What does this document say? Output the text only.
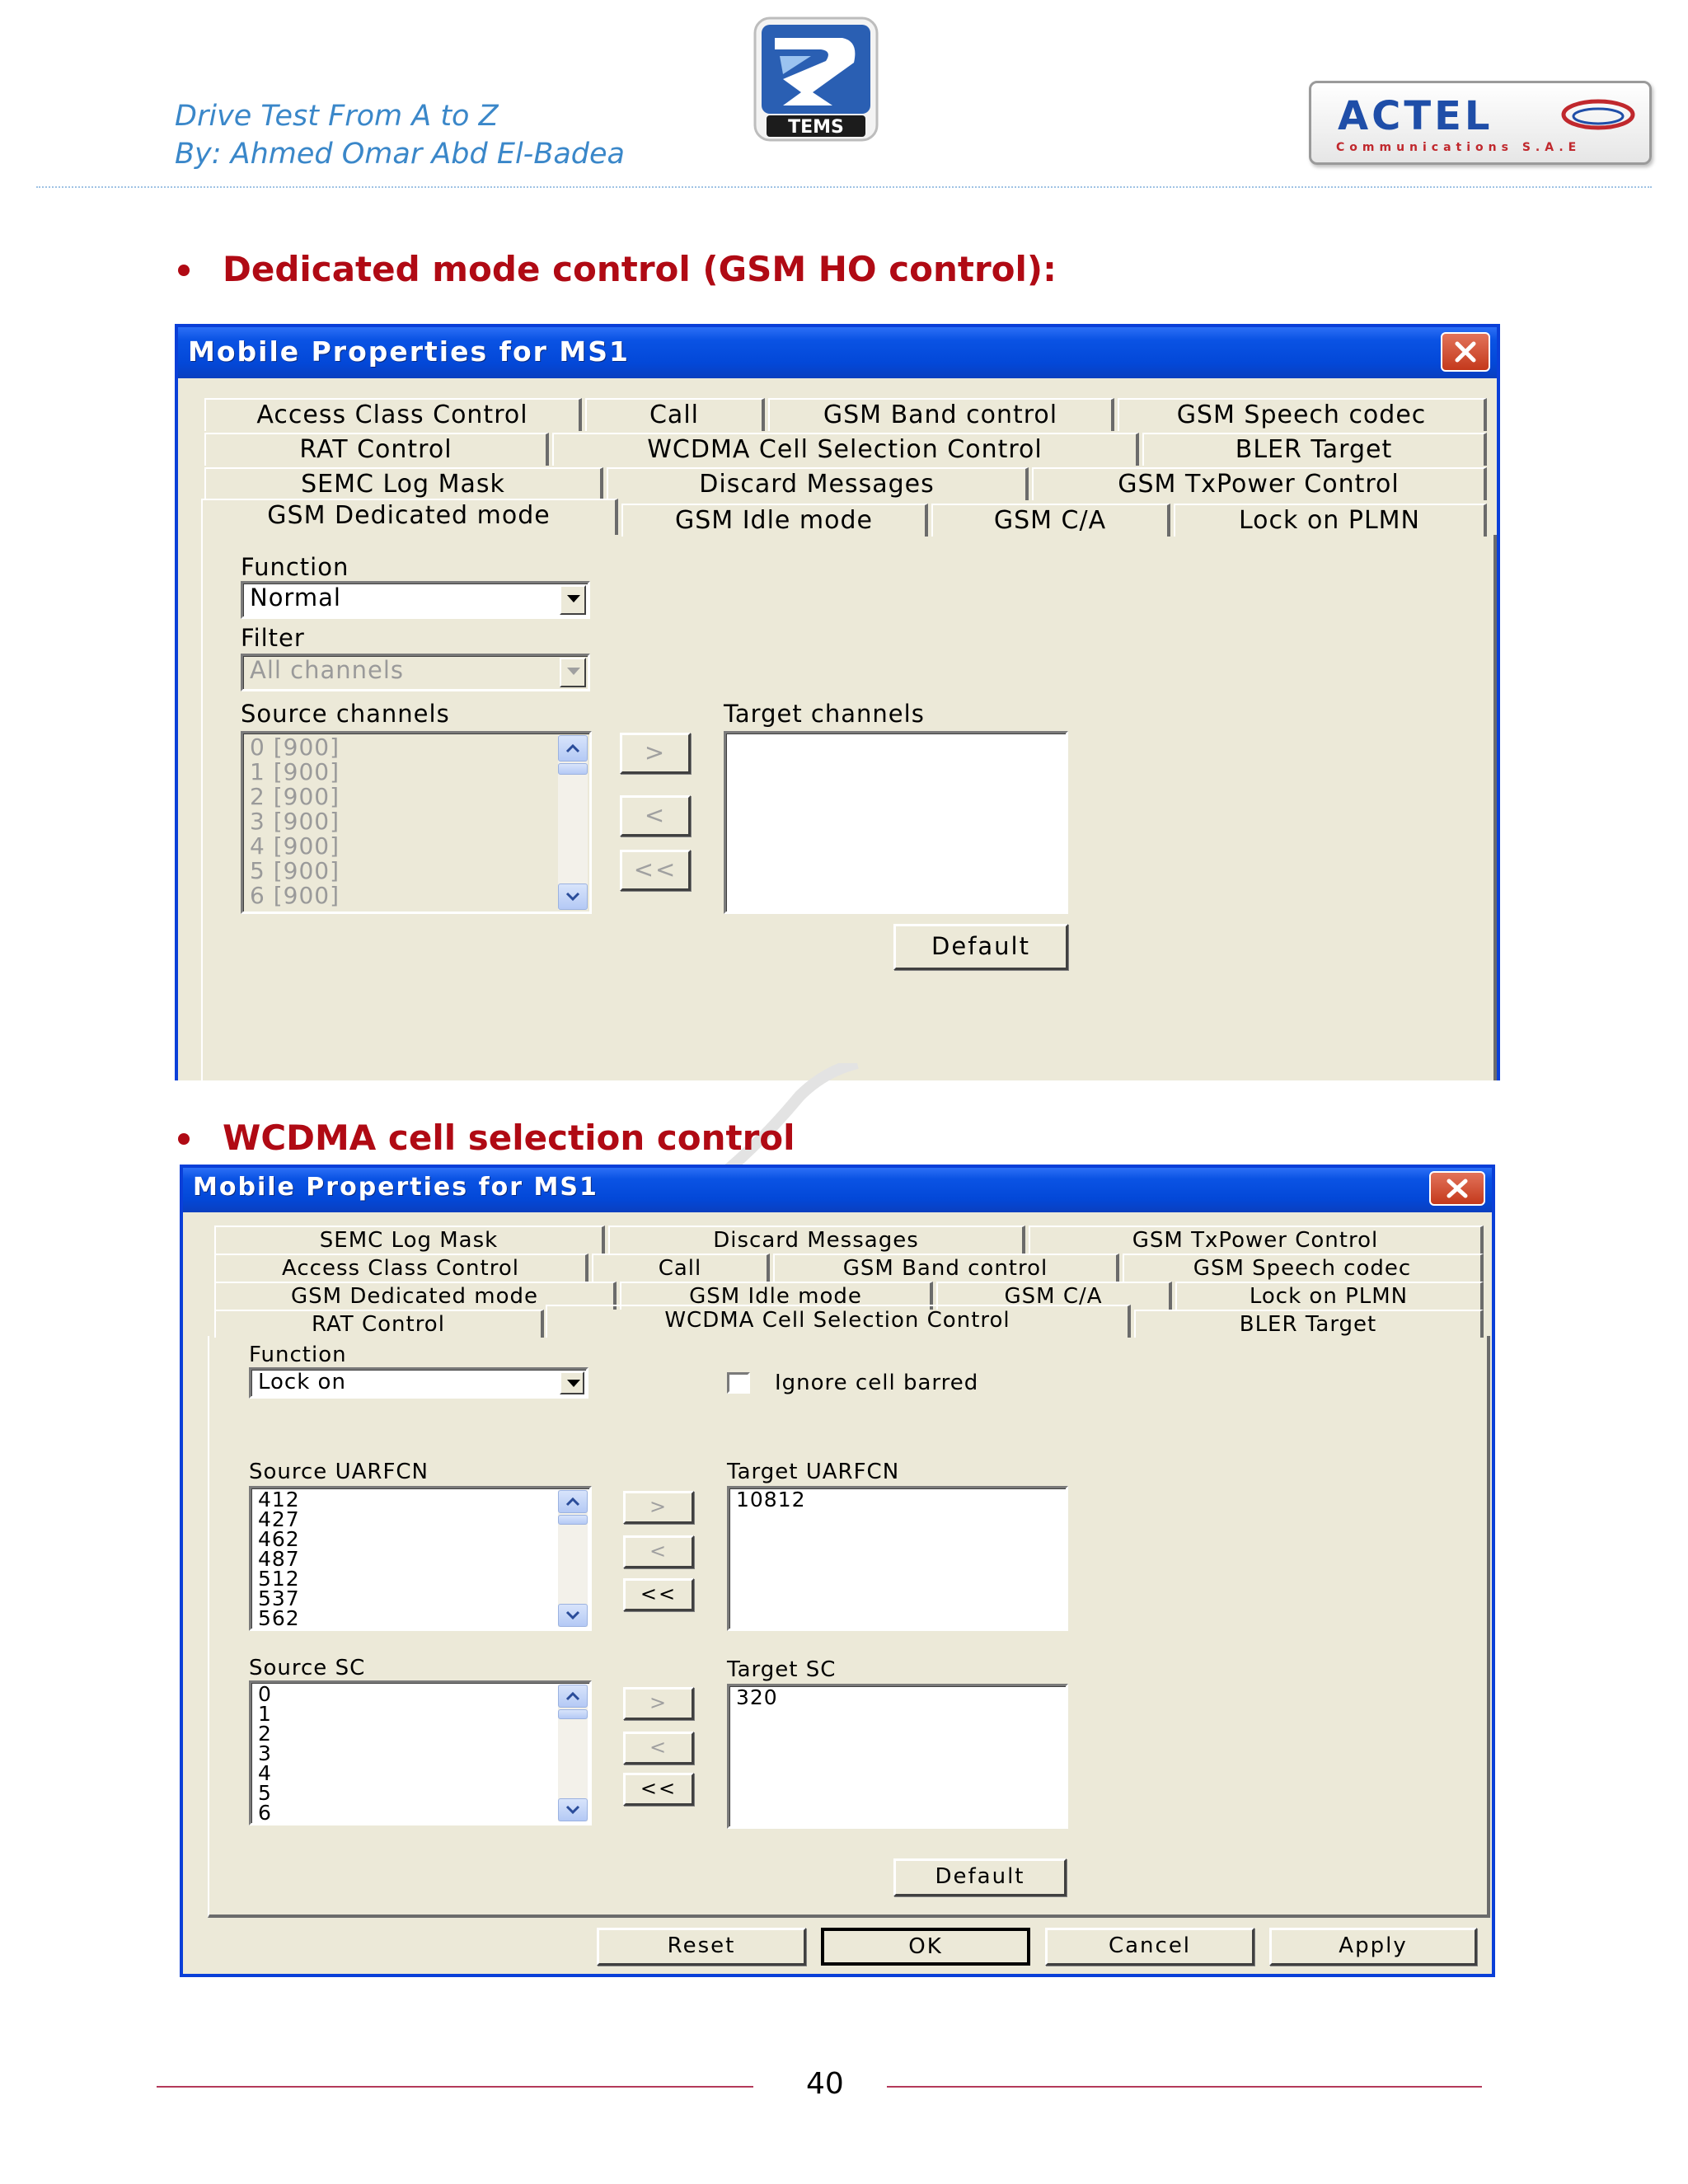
Drive Test From A to Z
By: Ahmed Omar Abd El-Badea
TEMS	ACTEL
Communications S.A.E
Dedicated mode control (GSM HO control):
Mobile Properties for MS1
Access Class Control	Call	GSM Band control	GSM Speech codec
RAT Control	WCDMA Cell Selection Control	BLER Target
SEMC Log Mask	Discard Messages	GSM TxPower Control
GSM Dedicated mode	GSM Idle mode	GSM C/A	Lock on PLMN
Function
Normal
Filter
All channels
Source channels
0 [900]
1 [900]
2 [900]
3 [900]
4 [900]
5 [900]
6 [900]
>
<
<<
Target channels
Default
WCDMA cell selection control
Mobile Properties for MS1
SEMC Log Mask	Discard Messages	GSM TxPower Control
Access Class Control	Call	GSM Band control	GSM Speech codec
GSM Dedicated mode	GSM Idle mode	GSM C/A	Lock on PLMN
RAT Control	WCDMA Cell Selection Control	BLER Target
Function
Lock on	Ignore cell barred
Source UARFCN
412
427
462
487
512
537
562
>
<
<<
Target UARFCN
10812
Source SC
0
1
2
3
4
5
6
>
<
<<
Target SC
320
Default
Reset	OK	Cancel	Apply
40
